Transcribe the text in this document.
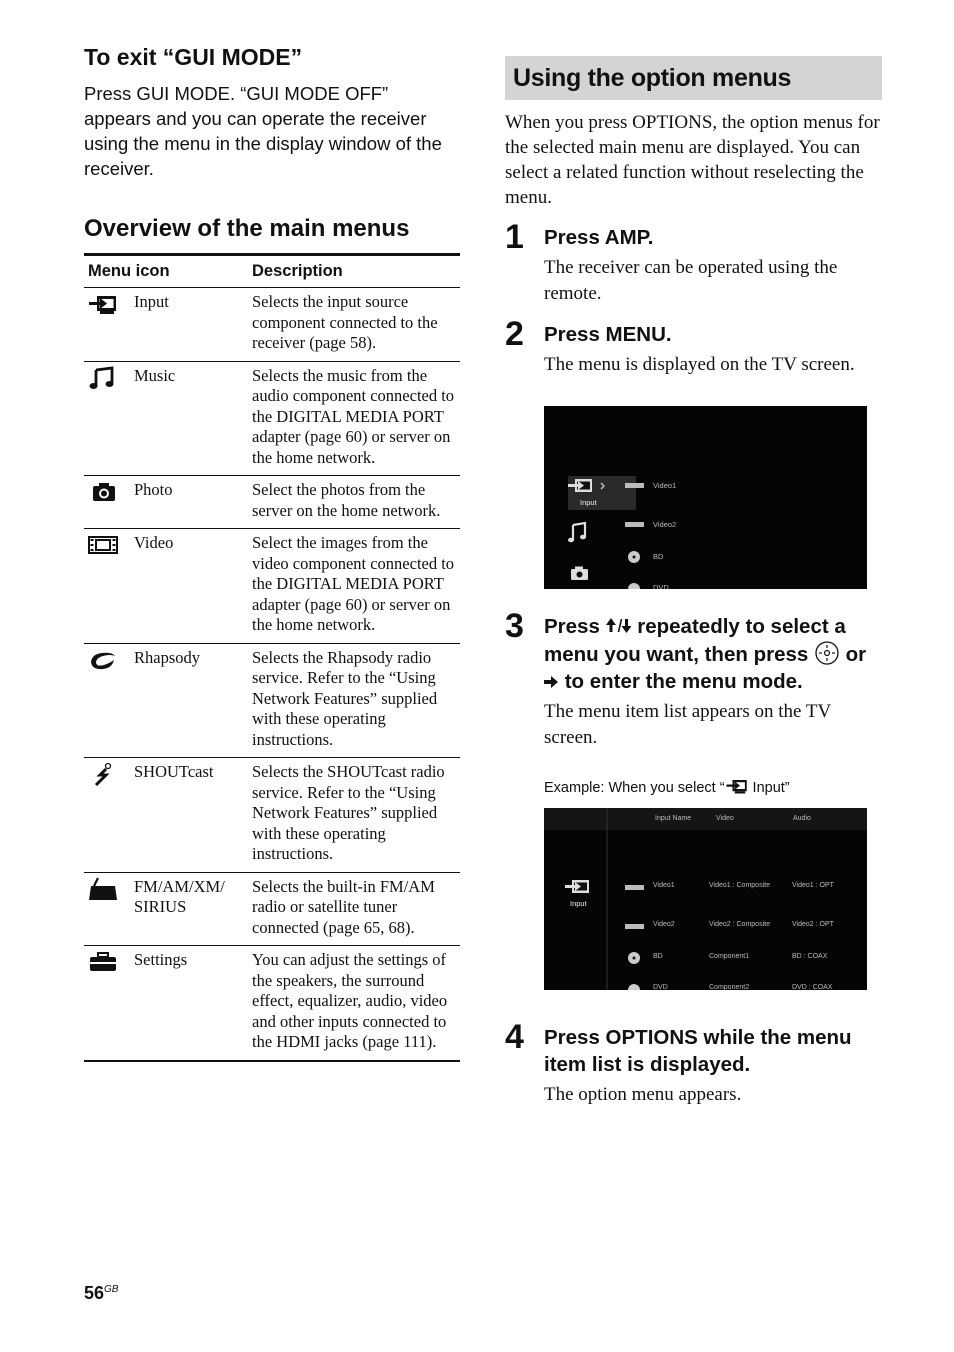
To exit “GUI MODE”

Press GUI MODE. “GUI MODE OFF” appears and you can operate the receiver using the menu in the display window of the receiver.

Overview of the main menus
Menu icon		Description
	Input	Selects the input source component connected to the receiver (page 58).
	Music	Selects the music from the audio component connected to the DIGITAL MEDIA PORT adapter (page 60) or server on the home network.
	Photo	Select the photos from the server on the home network.
	Video	Select the images from the video component connected to the DIGITAL MEDIA PORT adapter (page 60) or server on the home network.
	Rhapsody	Selects the Rhapsody radio service. Refer to the “Using Network Features” supplied with these operating instructions.
	SHOUTcast	Selects the SHOUTcast radio service. Refer to the “Using Network Features” supplied with these operating instructions.
	FM/AM/XM/ SIRIUS	Selects the built-in FM/AM radio or satellite tuner connected (page 65, 68).
	Settings	You can adjust the settings of the speakers, the surround effect, equalizer, audio, video and other inputs connected to the HDMI jacks (page 111).
Using the option menus

When you press OPTIONS, the option menus for the selected main menu are displayed. You can select a related function without reselecting the menu.

1 Press AMP.
The receiver can be operated using the remote.
2 Press MENU.
The menu is displayed on the TV screen.
Input
Video1
Video2
BD
DVD
3 Press  repeatedly to select a menu you want, then press  or  to enter the menu mode.
The menu item list appears on the TV screen.
Example: When you select “ Input”
Input Name	Video	Audio
Input
Video1	Video1 : Composite	Video1 : OPT
Video2	Video2 : Composite	Video2 : OPT
BD	Component1	BD : COAX
DVD	Component2	DVD : COAX
4 Press OPTIONS while the menu item list is displayed.
The option menu appears.
$56^{GB}$
